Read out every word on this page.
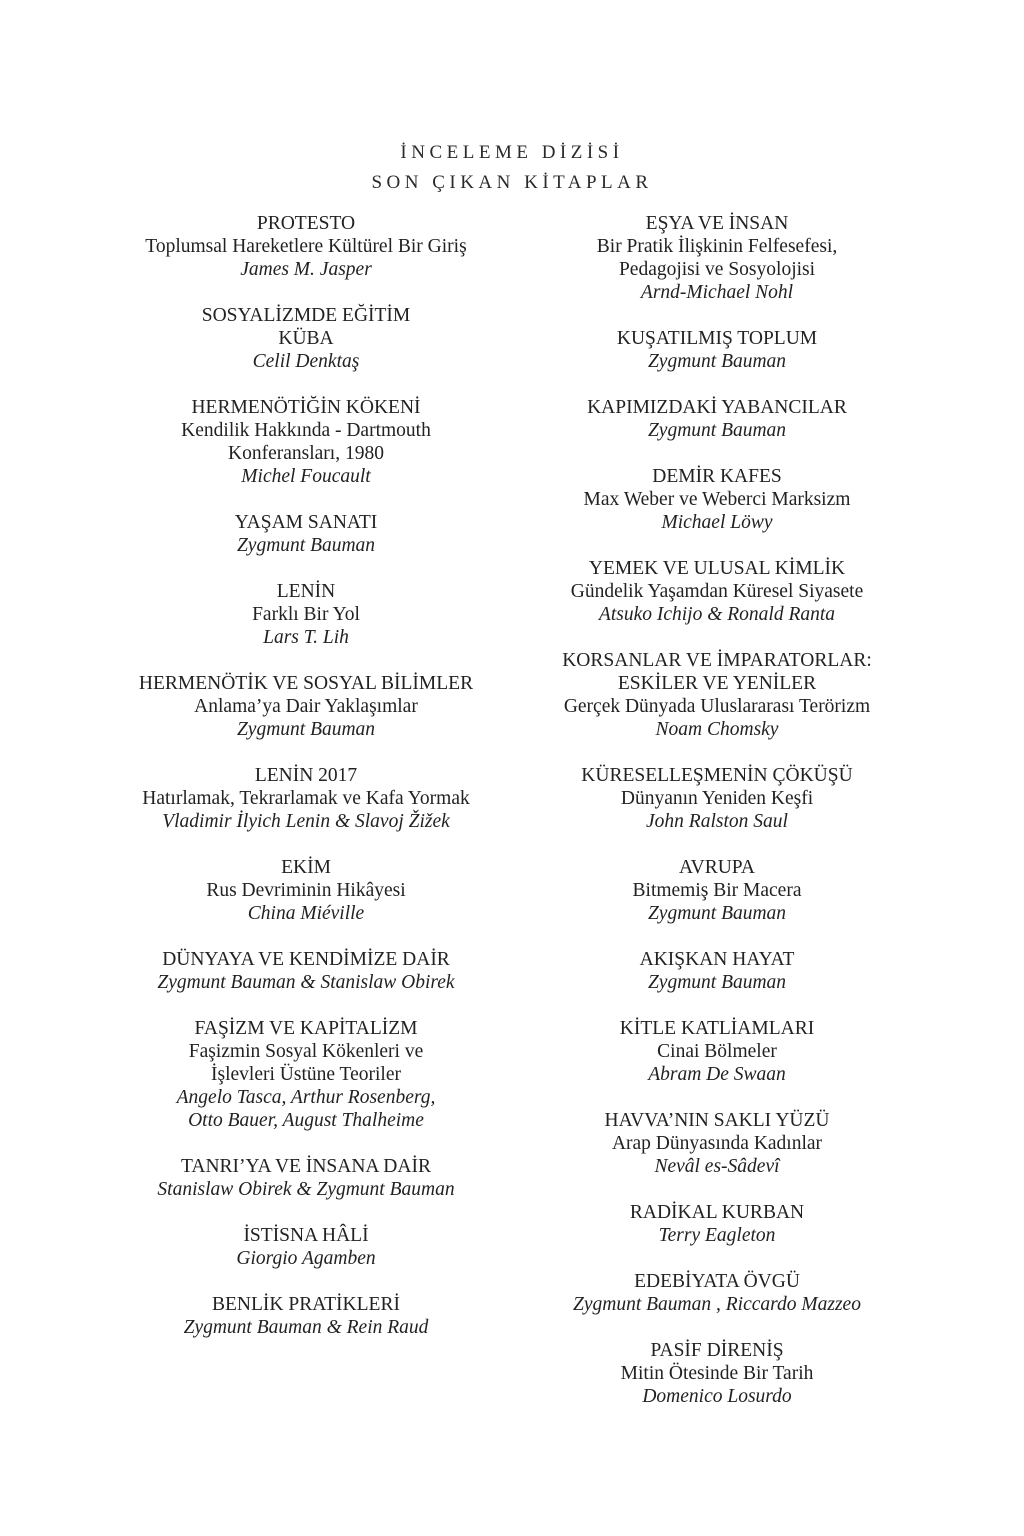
İNCELEME DİZİSİ
SON ÇIKAN KİTAPLAR
PROTESTO
Toplumsal Hareketlere Kültürel Bir Giriş
James M. Jasper
SOSYALİZMDE EĞİTİM
KÜBA
Celil Denktaş
HERMENÖTİĞİN KÖKENİ
Kendilik Hakkında - Dartmouth
Konferansları, 1980
Michel Foucault
YAŞAM SANATI
Zygmunt Bauman
LENİN
Farklı Bir Yol
Lars T. Lih
HERMENÖTİK VE SOSYAL BİLİMLER
Anlama’ya Dair Yaklaşımlar
Zygmunt Bauman
LENİN 2017
Hatırlamak, Tekrarlamak ve Kafa Yormak
Vladimir İlyich Lenin & Slavoj Žižek
EKİM
Rus Devriminin Hikâyesi
China Miéville
DÜNYAYA VE KENDİMİZE DAİR
Zygmunt Bauman & Stanislaw Obirek
FAŞİZM VE KAPİTALİZM
Faşizmin Sosyal Kökenleri ve
İşlevleri Üstüne Teoriler
Angelo Tasca, Arthur Rosenberg,
Otto Bauer, August Thalheime
TANRI’YA VE İNSANA DAİR
Stanislaw Obirek & Zygmunt Bauman
İSTİSNA HÂLİ
Giorgio Agamben
BENLİK PRATİKLERİ
Zygmunt Bauman & Rein Raud
EŞYA VE İNSAN
Bir Pratik İlişkinin Felfesefesi,
Pedagojisi ve Sosyolojisi
Arnd-Michael Nohl
KUŞATILMIŞ TOPLUM
Zygmunt Bauman
KAPIMIZDAKİ YABANCILAR
Zygmunt Bauman
DEMİR KAFES
Max Weber ve Weberci Marksizm
Michael Löwy
YEMEK VE ULUSAL KİMLİK
Gündelik Yaşamdan Küresel Siyasete
Atsuko Ichijo & Ronald Ranta
KORSANLAR VE İMPARATORLAR:
ESKİLER VE YENİLER
Gerçek Dünyada Uluslararası Terörizm
Noam Chomsky
KÜRESELLEŞMENİN ÇÖKÜŞÜ
Dünyanın Yeniden Keşfi
John Ralston Saul
AVRUPA
Bitmemiş Bir Macera
Zygmunt Bauman
AKIŞKAN HAYAT
Zygmunt Bauman
KİTLE KATLİAMLARI
Cinai Bölmeler
Abram De Swaan
HAVVA’NIN SAKLI YÜZÜ
Arap Dünyasında Kadınlar
Nevâl es-Sâdevî
RADİKAL KURBAN
Terry Eagleton
EDEBİYATA ÖVGÜ
Zygmunt Bauman , Riccardo Mazzeo
PASİF DİRENİŞ
Mitin Ötesinde Bir Tarih
Domenico Losurdo
